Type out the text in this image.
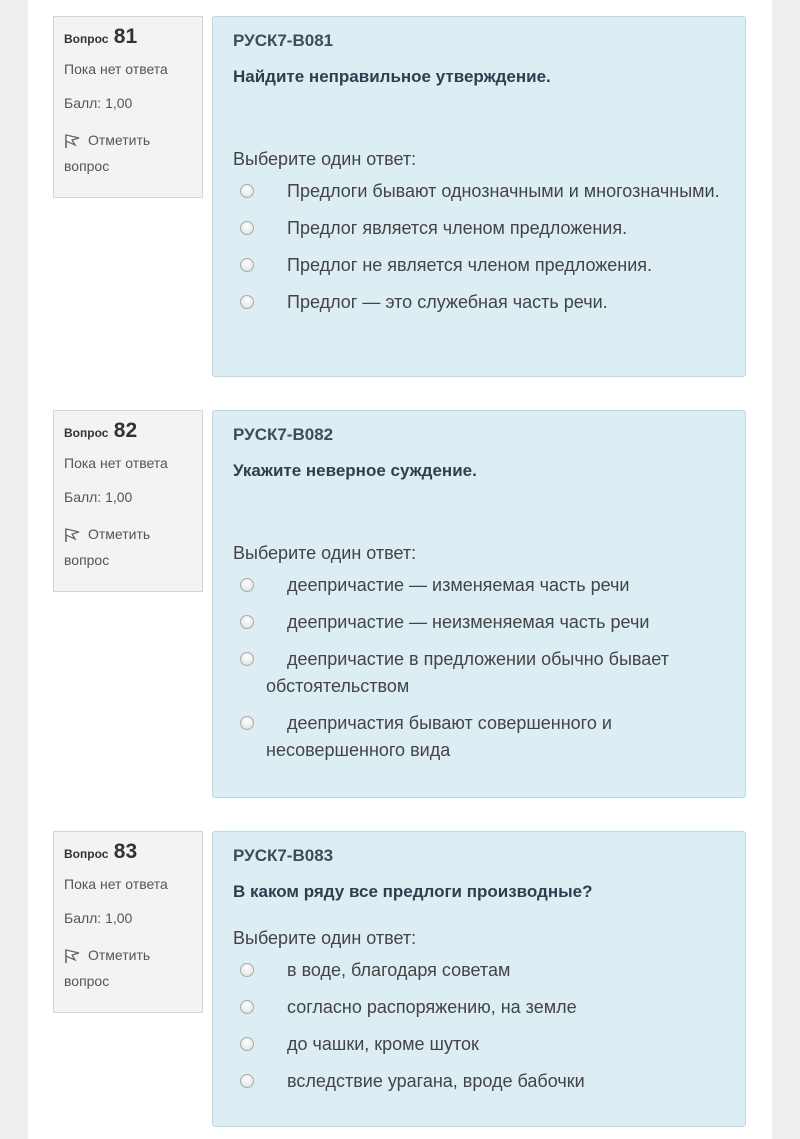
Вопрос 81
Пока нет ответа
Балл: 1,00
Отметить вопрос
РУСК7-В081
Найдите неправильное утверждение.
Выберите один ответ:
Предлоги бывают однозначными и многозначными.
Предлог является членом предложения.
Предлог не является членом предложения.
Предлог — это служебная часть речи.
Вопрос 82
Пока нет ответа
Балл: 1,00
Отметить вопрос
РУСК7-В082
Укажите неверное суждение.
Выберите один ответ:
деепричастие — изменяемая часть речи
деепричастие — неизменяемая часть речи
деепричастие в предложении обычно бывает обстоятельством
деепричастия бывают совершенного и несовершенного вида
Вопрос 83
Пока нет ответа
Балл: 1,00
Отметить вопрос
РУСК7-В083
В каком ряду все предлоги производные?
Выберите один ответ:
в воде, благодаря советам
согласно распоряжению, на земле
до чашки, кроме шуток
вследствие урагана, вроде бабочки
